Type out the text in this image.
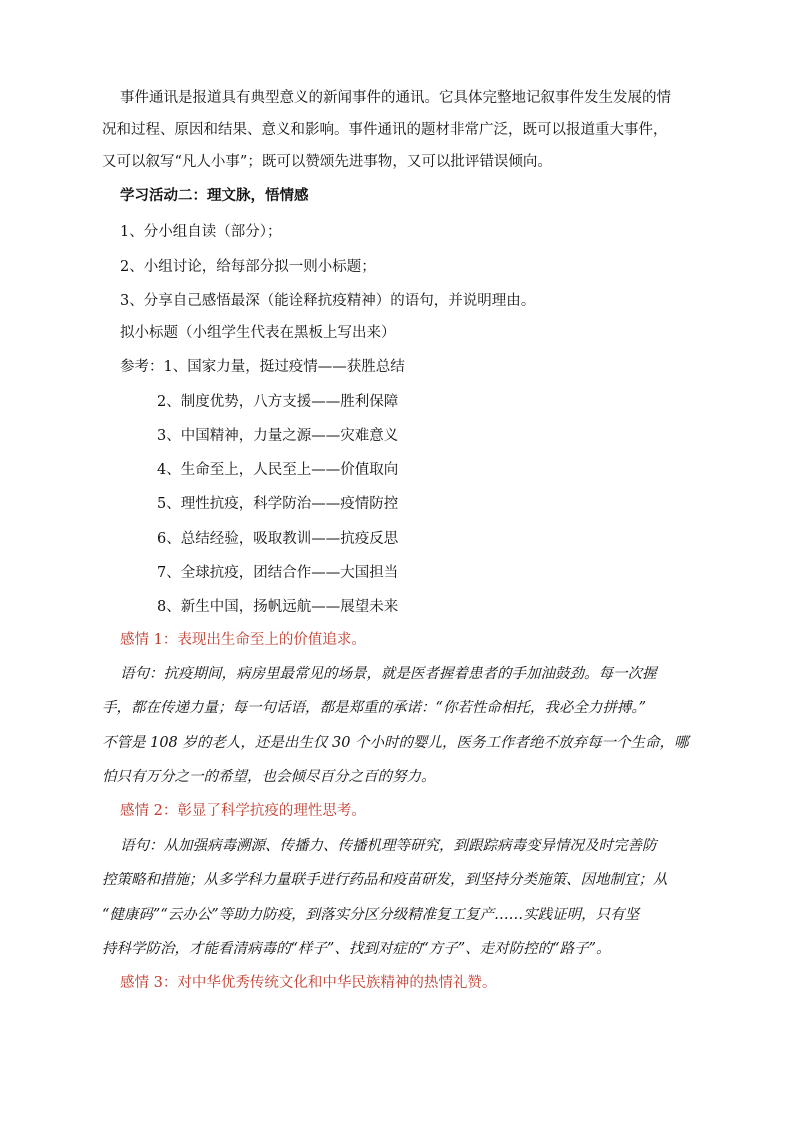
事件通讯是报道具有典型意义的新闻事件的通讯。它具体完整地记叙事件发生发展的情
况和过程、原因和结果、意义和影响。事件通讯的题材非常广泛，既可以报道重大事件，
又可以叙写“凡人小事”；既可以赞颂先进事物，又可以批评错误倾向。
学习活动二：理文脉，悟情感
1、分小组自读（部分）；
2、小组讨论，给每部分拟一则小标题；
3、分享自己感悟最深（能诠释抗疫精神）的语句，并说明理由。
拟小标题（小组学生代表在黑板上写出来）
参考：1、国家力量，挺过疫情——获胜总结
2、制度优势，八方支援——胜利保障
3、中国精神，力量之源——灾难意义
4、生命至上，人民至上——价值取向
5、理性抗疫，科学防治——疫情防控
6、总结经验，吸取教训——抗疫反思
7、全球抗疫，团结合作——大国担当
8、新生中国，扬帆远航——展望未来
感情 1：表现出生命至上的价值追求。
语句：抗疫期间，病房里最常见的场景，就是医者握着患者的手加油鼓劲。每一次握
手，都在传递力量；每一句话语，都是郑重的承诺：“你若性命相托，我必全力拼搏。”
不管是 108 岁的老人，还是出生仅 30 个小时的婴儿，医务工作者绝不放弃每一个生命，哪
怕只有万分之一的希望，也会倾尽百分之百的努力。
感情 2：彰显了科学抗疫的理性思考。
语句：从加强病毒溯源、传播力、传播机理等研究，到跟踪病毒变异情况及时完善防
控策略和措施；从多学科力量联手进行药品和疫苗研发，到坚持分类施策、因地制宜；从
“健康码”“云办公”等助力防疫，到落实分区分级精准复工复产……实践证明，只有坚
持科学防治，才能看清病毒的“样子”、找到对症的“方子”、走对防控的“路子”。
感情 3：对中华优秀传统文化和中华民族精神的热情礼赞。
